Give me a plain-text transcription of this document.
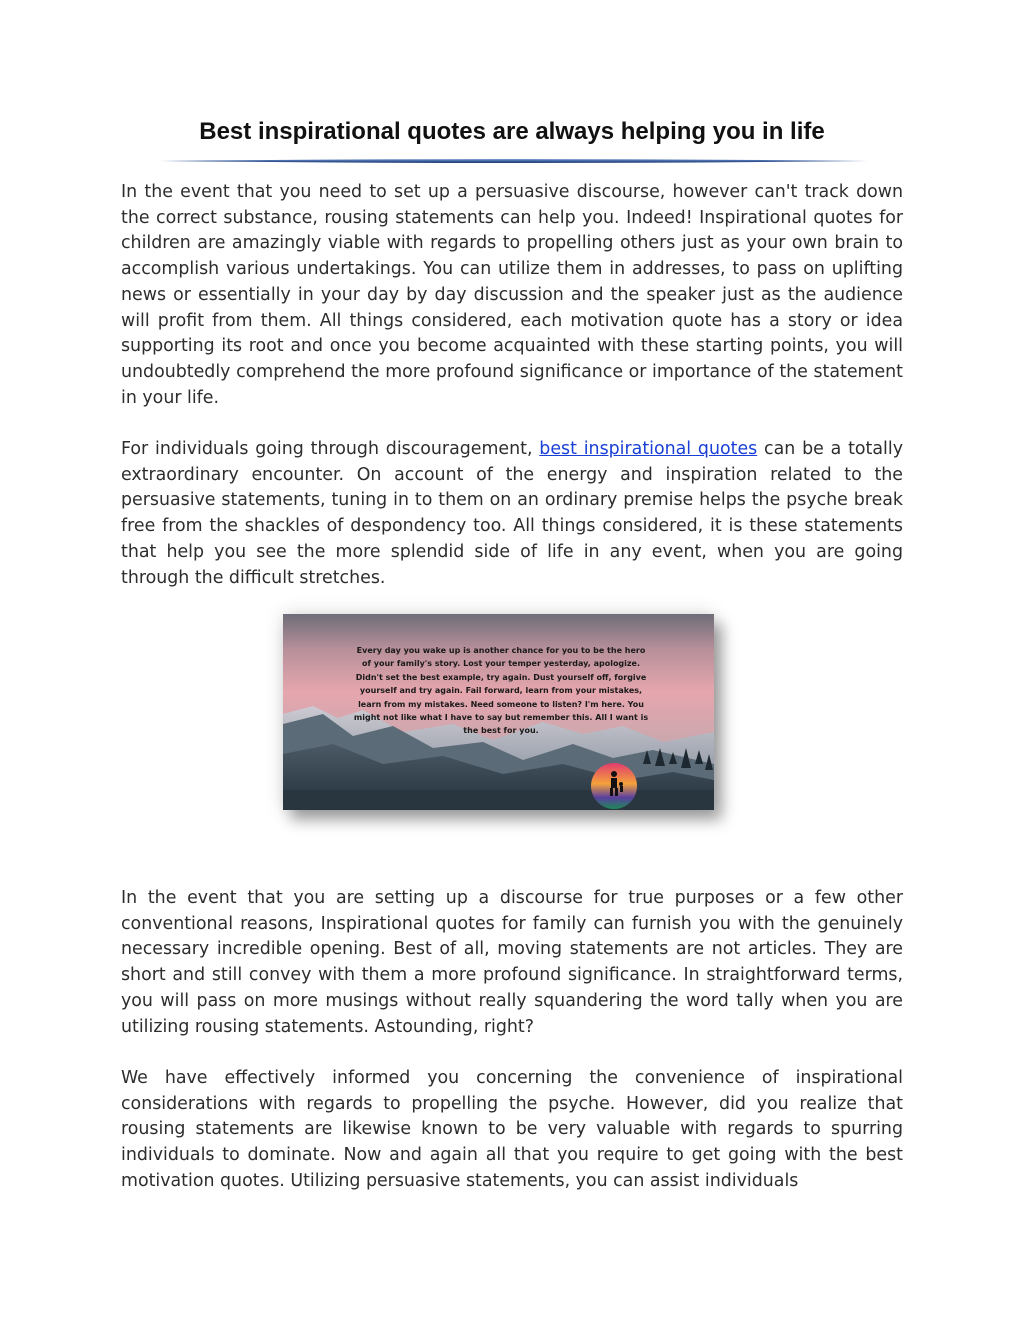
Best inspirational quotes are always helping you in life

In the event that you need to set up a persuasive discourse, however can't track down the correct substance, rousing statements can help you. Indeed! Inspirational quotes for children are amazingly viable with regards to propelling others just as your own brain to accomplish various undertakings. You can utilize them in addresses, to pass on uplifting news or essentially in your day by day discussion and the speaker just as the audience will profit from them. All things considered, each motivation quote has a story or idea supporting its root and once you become acquainted with these starting points, you will undoubtedly comprehend the more profound significance or importance of the statement in your life.

For individuals going through discouragement, best inspirational quotes can be a totally extraordinary encounter. On account of the energy and inspiration related to the persuasive statements, tuning in to them on an ordinary premise helps the psyche break free from the shackles of despondency too. All things considered, it is these statements that help you see the more splendid side of life in any event, when you are going through the difficult stretches.

Every day you wake up is another chance for you to be the hero of your family's story. Lost your temper yesterday, apologize. Didn't set the best example, try again. Dust yourself off, forgive yourself and try again. Fail forward, learn from your mistakes, learn from my mistakes. Need someone to listen? I'm here. You might not like what I have to say but remember this. All I want is the best for you.

In the event that you are setting up a discourse for true purposes or a few other conventional reasons, Inspirational quotes for family can furnish you with the genuinely necessary incredible opening. Best of all, moving statements are not articles. They are short and still convey with them a more profound significance. In straightforward terms, you will pass on more musings without really squandering the word tally when you are utilizing rousing statements. Astounding, right?

We have effectively informed you concerning the convenience of inspirational considerations with regards to propelling the psyche. However, did you realize that rousing statements are likewise known to be very valuable with regards to spurring individuals to dominate. Now and again all that you require to get going with the best motivation quotes. Utilizing persuasive statements, you can assist individuals
